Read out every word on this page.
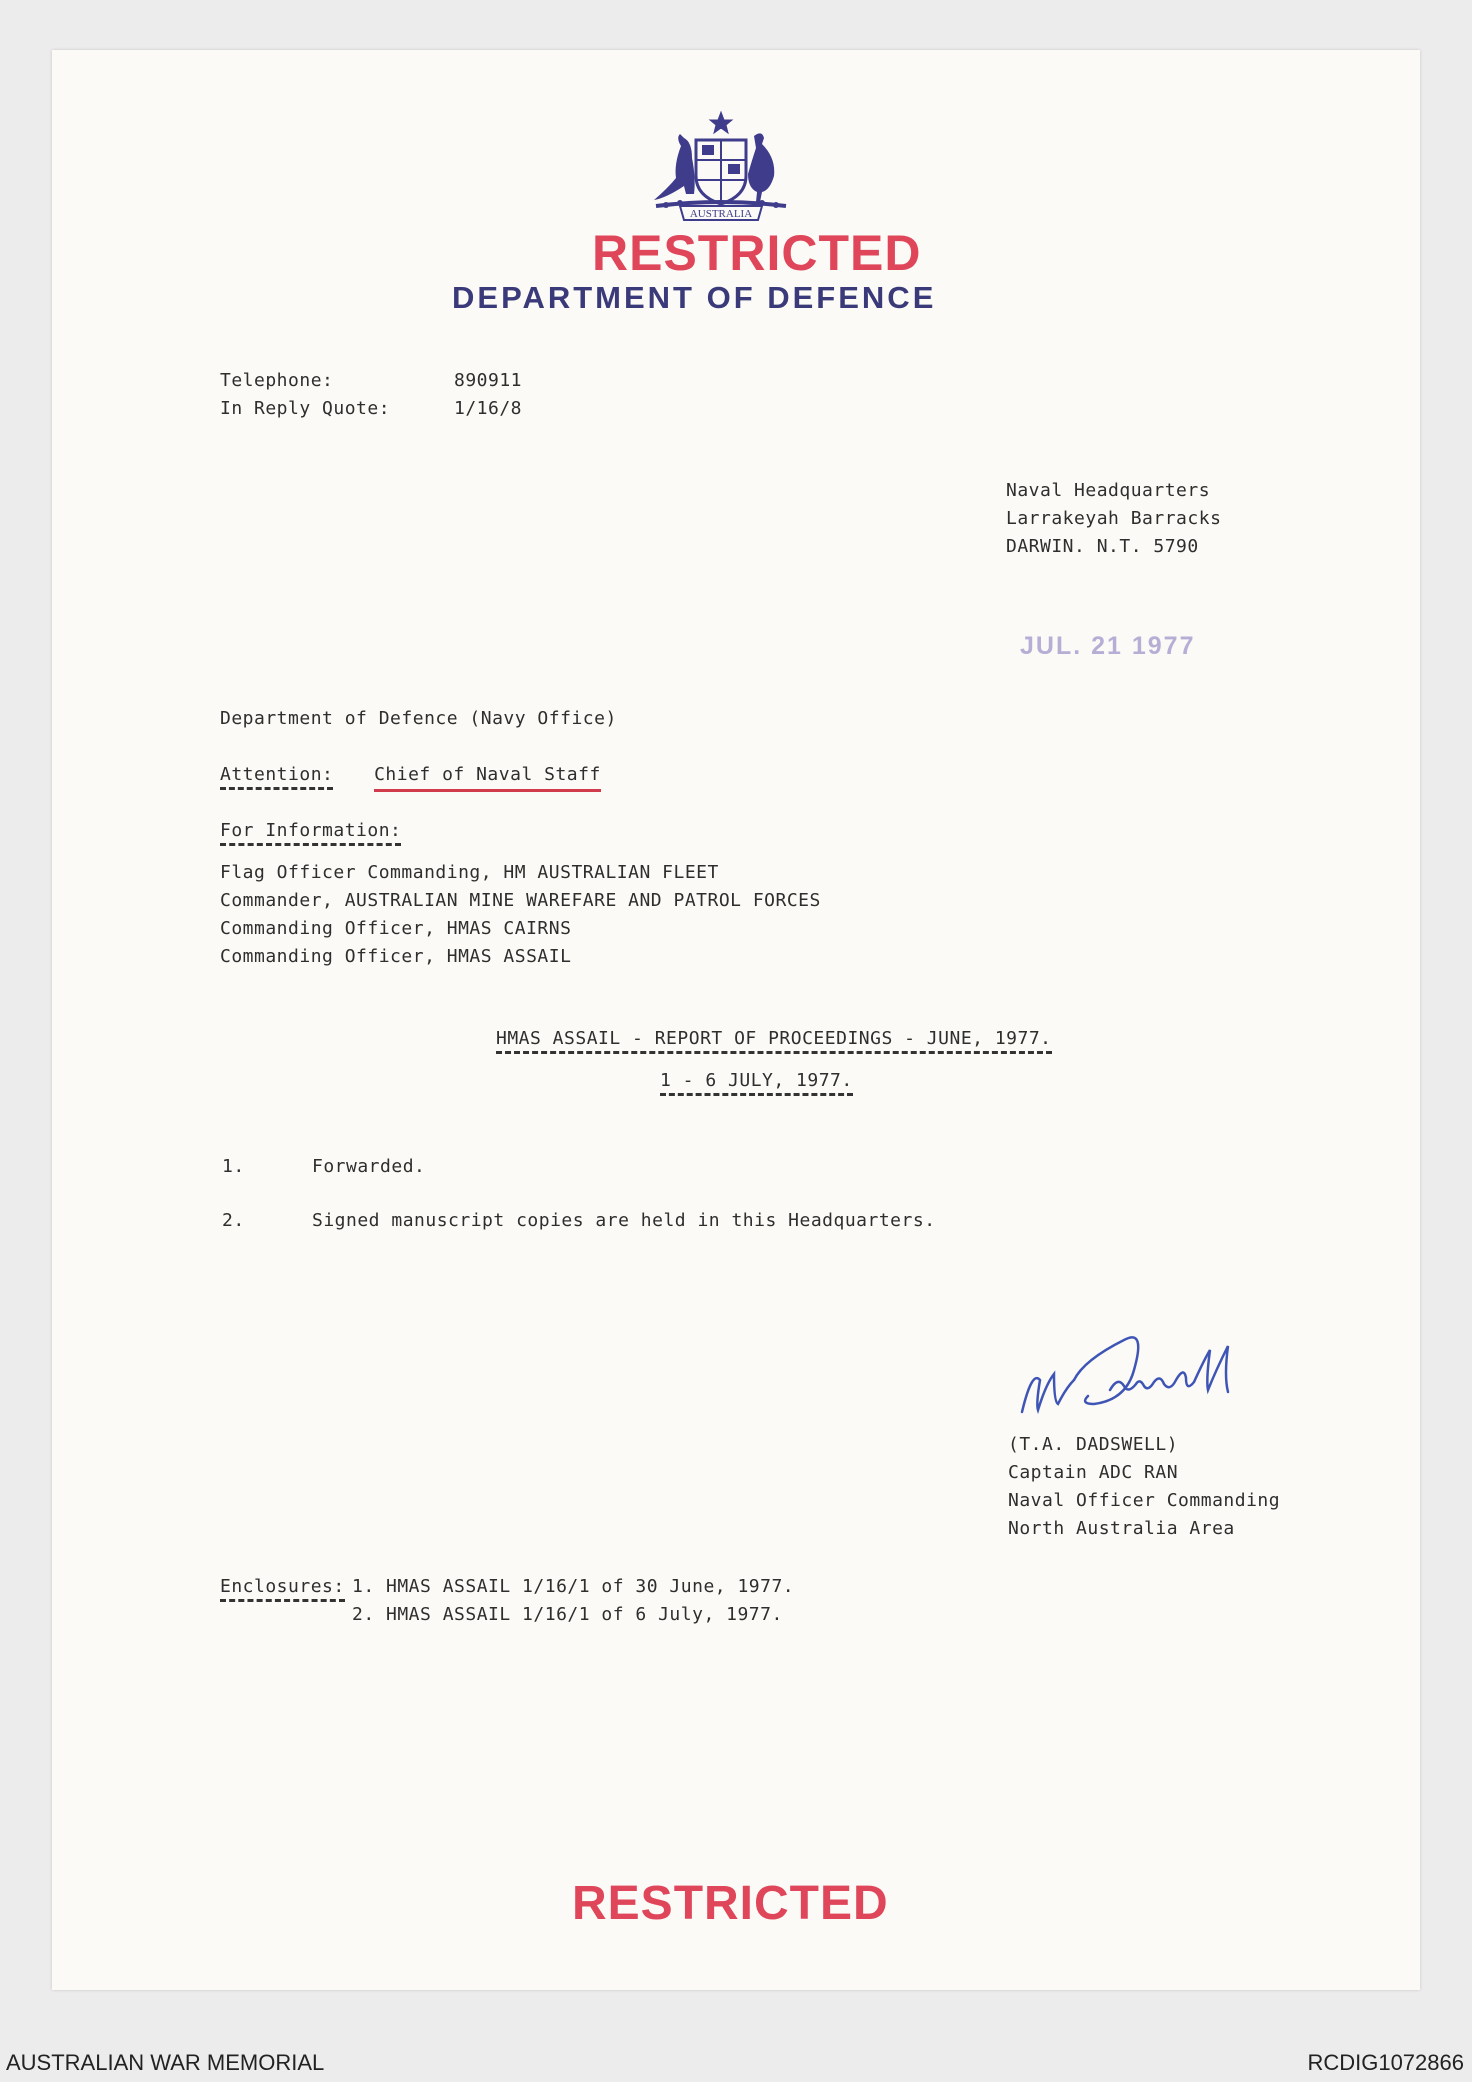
AUSTRALIA
RESTRICTED
DEPARTMENT OF DEFENCE
Telephone:	890911
In Reply Quote:	1/16/8
Naval Headquarters
Larrakeyah Barracks
DARWIN. N.T. 5790
JUL. 21 1977
Department of Defence (Navy Office)
Attention: Chief of Naval Staff
For Information:
Flag Officer Commanding, HM AUSTRALIAN FLEET
Commander, AUSTRALIAN MINE WAREFARE AND PATROL FORCES
Commanding Officer, HMAS CAIRNS
Commanding Officer, HMAS ASSAIL
HMAS ASSAIL - REPORT OF PROCEEDINGS - JUNE, 1977.
1 - 6 JULY, 1977.
1.	Forwarded.
2.	Signed manuscript copies are held in this Headquarters.
(T.A. DADSWELL)
Captain ADC RAN
Naval Officer Commanding
North Australia Area
Enclosures: 1. HMAS ASSAIL 1/16/1 of 30 June, 1977.
2. HMAS ASSAIL 1/16/1 of 6 July, 1977.
RESTRICTED
AUSTRALIAN WAR MEMORIAL	RCDIG1072866
